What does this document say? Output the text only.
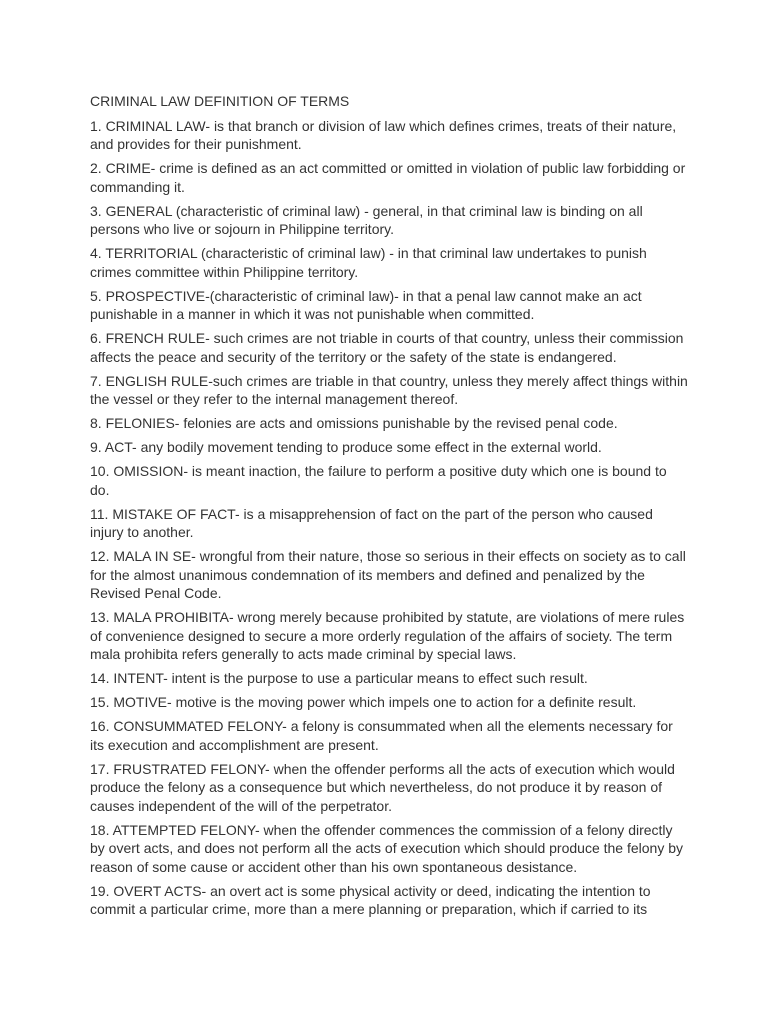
CRIMINAL LAW DEFINITION OF TERMS
1. CRIMINAL LAW- is that branch or division of law which defines crimes, treats of their nature, and provides for their punishment.
2. CRIME- crime is defined as an act committed or omitted in violation of public law forbidding or commanding it.
3. GENERAL (characteristic of criminal law) - general, in that criminal law is binding on all persons who live or sojourn in Philippine territory.
4. TERRITORIAL (characteristic of criminal law) - in that criminal law undertakes to punish crimes committee within Philippine territory.
5. PROSPECTIVE-(characteristic of criminal law)- in that a penal law cannot make an act punishable in a manner in which it was not punishable when committed.
6. FRENCH RULE- such crimes are not triable in courts of that country, unless their commission affects the peace and security of the territory or the safety of the state is endangered.
7. ENGLISH RULE-such crimes are triable in that country, unless they merely affect things within the vessel or they refer to the internal management thereof.
8. FELONIES- felonies are acts and omissions punishable by the revised penal code.
9. ACT- any bodily movement tending to produce some effect in the external world.
10. OMISSION- is meant inaction, the failure to perform a positive duty which one is bound to do.
11. MISTAKE OF FACT- is a misapprehension of fact on the part of the person who caused injury to another.
12. MALA IN SE- wrongful from their nature, those so serious in their effects on society as to call for the almost unanimous condemnation of its members and defined and penalized by the Revised Penal Code.
13. MALA PROHIBITA- wrong merely because prohibited by statute, are violations of mere rules of convenience designed to secure a more orderly regulation of the affairs of society. The term mala prohibita refers generally to acts made criminal by special laws.
14. INTENT- intent is the purpose to use a particular means to effect such result.
15. MOTIVE- motive is the moving power which impels one to action for a definite result.
16. CONSUMMATED FELONY- a felony is consummated when all the elements necessary for its execution and accomplishment are present.
17. FRUSTRATED FELONY- when the offender performs all the acts of execution which would produce the felony as a consequence but which nevertheless, do not produce it by reason of causes independent of the will of the perpetrator.
18. ATTEMPTED FELONY- when the offender commences the commission of a felony directly by overt acts, and does not perform all the acts of execution which should produce the felony by reason of some cause or accident other than his own spontaneous desistance.
19. OVERT ACTS- an overt act is some physical activity or deed, indicating the intention to commit a particular crime, more than a mere planning or preparation, which if carried to its
